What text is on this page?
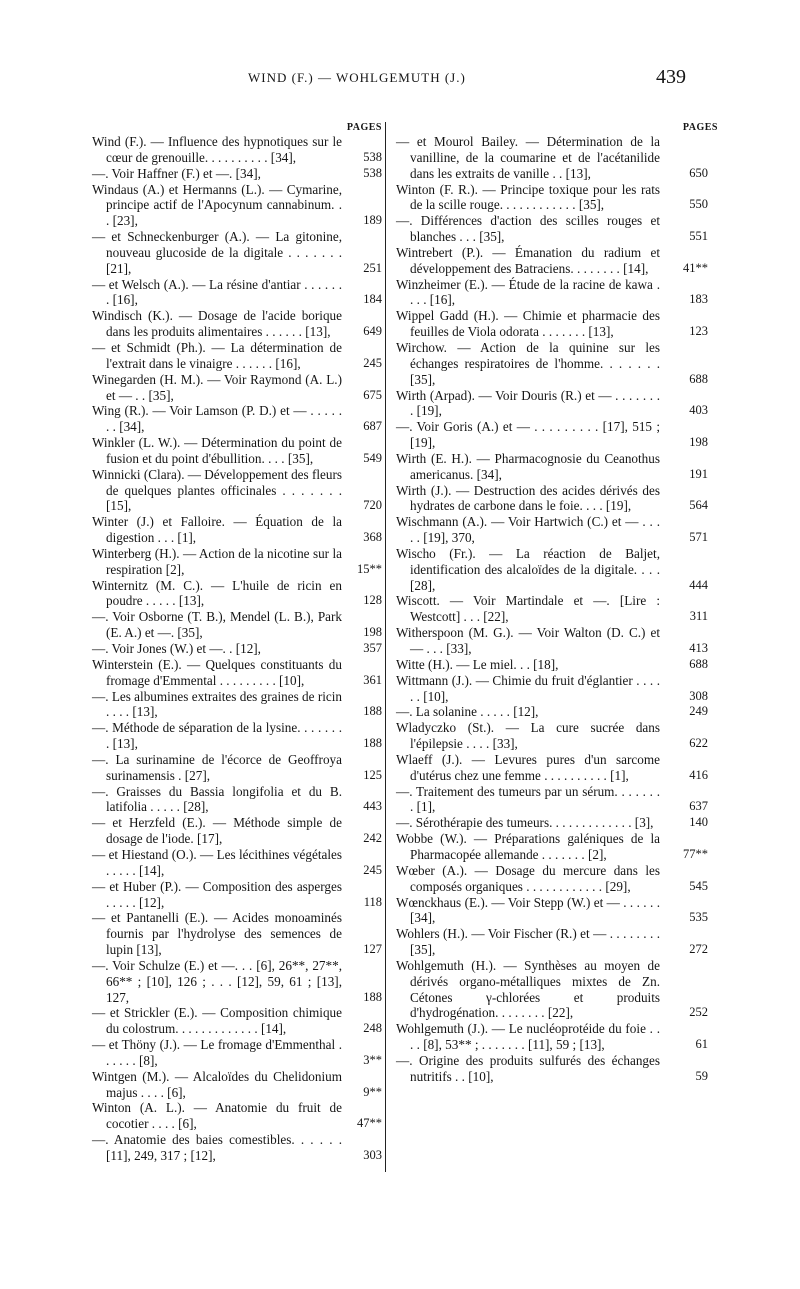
WIND (F.) — WOHLGEMUTH (J.)	439
PAGES
Wind (F.). — Influence des hypnotiques sur le cœur de grenouille. . . . . . . . . . [34],	538
—. Voir Haffner (F.) et —. [34],	538
Windaus (A.) et Hermanns (L.). — Cymarine, principe actif de l'Apocynum cannabinum. . . [23],	189
— et Schneckenburger (A.). — La gitonine, nouveau glucoside de la digitale . . . . . . . [21],	251
— et Welsch (A.). — La résine d'antiar . . . . . . . [16],	184
Windisch (K.). — Dosage de l'acide borique dans les produits alimentaires . . . . . . [13],	649
— et Schmidt (Ph.). — La détermination de l'extrait dans le vinaigre . . . . . . [16],	245
Winegarden (H. M.). — Voir Raymond (A. L.) et — . . [35],	675
Wing (R.). — Voir Lamson (P. D.) et — . . . . . . . [34],	687
Winkler (L. W.). — Détermination du point de fusion et du point d'ébullition. . . . [35],	549
Winnicki (Clara). — Développement des fleurs de quelques plantes officinales . . . . . . . [15],	720
Winter (J.) et Falloire. — Équation de la digestion . . . [1],	368
Winterberg (H.). — Action de la nicotine sur la respiration [2],	15**
Winternitz (M. C.). — L'huile de ricin en poudre . . . . . [13],	128
—. Voir Osborne (T. B.), Mendel (L. B.), Park (E. A.) et —. [35],	198
—. Voir Jones (W.) et —. . [12],	357
Winterstein (E.). — Quelques constituants du fromage d'Emmental . . . . . . . . . [10],	361
—. Les albumines extraites des graines de ricin . . . . [13],	188
—. Méthode de séparation de la lysine. . . . . . . . [13],	188
—. La surinamine de l'écorce de Geoffroya surinamensis . [27],	125
—. Graisses du Bassia longifolia et du B. latifolia . . . . . [28],	443
— et Herzfeld (E.). — Méthode simple de dosage de l'iode. [17],	242
— et Hiestand (O.). — Les lécithines végétales . . . . . [14],	245
— et Huber (P.). — Composition des asperges . . . . . [12],	118
— et Pantanelli (E.). — Acides monoaminés fournis par l'hydrolyse des semences de lupin [13],	127
—. Voir Schulze (E.) et —. . . [6], 26**, 27**, 66** ; [10], 126 ; . . . [12], 59, 61 ; [13], 127,	188
— et Strickler (E.). — Composition chimique du colostrum. . . . . . . . . . . . . [14],	248
— et Thöny (J.). — Le fromage d'Emmenthal . . . . . . [8],	3**
Wintgen (M.). — Alcaloïdes du Chelidonium majus . . . . [6],	9**
Winton (A. L.). — Anatomie du fruit de cocotier . . . . [6],	47**
—. Anatomie des baies comestibles. . . . . . [11], 249, 317 ; [12],	303
PAGES
— et Mourol Bailey. — Détermination de la vanilline, de la coumarine et de l'acétanilide dans les extraits de vanille . . [13],	650
Winton (F. R.). — Principe toxique pour les rats de la scille rouge. . . . . . . . . . . . [35],	550
—. Différences d'action des scilles rouges et blanches . . . [35],	551
Wintrebert (P.). — Émanation du radium et développement des Batraciens. . . . . . . . [14],	41**
Winzheimer (E.). — Étude de la racine de kawa . . . . [16],	183
Wippel Gadd (H.). — Chimie et pharmacie des feuilles de Viola odorata . . . . . . . [13],	123
Wirchow. — Action de la quinine sur les échanges respiratoires de l'homme. . . . . . . [35],	688
Wirth (Arpad). — Voir Douris (R.) et — . . . . . . . . [19],	403
—. Voir Goris (A.) et — . . . . . . . . . [17], 515 ; [19],	198
Wirth (E. H.). — Pharmacognosie du Ceanothus americanus. [34],	191
Wirth (J.). — Destruction des acides dérivés des hydrates de carbone dans le foie. . . . [19],	564
Wischmann (A.). — Voir Hartwich (C.) et — . . . . . [19], 370,	571
Wischo (Fr.). — La réaction de Baljet, identification des alcaloïdes de la digitale. . . . [28],	444
Wiscott. — Voir Martindale et —. [Lire : Westcott] . . . [22],	311
Witherspoon (M. G.). — Voir Walton (D. C.) et — . . . [33],	413
Witte (H.). — Le miel. . . [18],	688
Wittmann (J.). — Chimie du fruit d'églantier . . . . . . [10],	308
—. La solanine . . . . . [12],	249
Wladyczko (St.). — La cure sucrée dans l'épilepsie . . . . [33],	622
Wlaeff (J.). — Levures pures d'un sarcome d'utérus chez une femme . . . . . . . . . . [1],	416
—. Traitement des tumeurs par un sérum. . . . . . . . [1],	637
—. Sérothérapie des tumeurs. . . . . . . . . . . . . [3],	140
Wobbe (W.). — Préparations galéniques de la Pharmacopée allemande . . . . . . . [2],	77**
Wœber (A.). — Dosage du mercure dans les composés organiques . . . . . . . . . . . . [29],	545
Wœnckhaus (E.). — Voir Stepp (W.) et — . . . . . . [34],	535
Wohlers (H.). — Voir Fischer (R.) et — . . . . . . . . [35],	272
Wohlgemuth (H.). — Synthèses au moyen de dérivés organo-métalliques mixtes de Zn. Cétones γ-chlorées et produits d'hydrogénation. . . . . . . . [22],	252
Wohlgemuth (J.). — Le nucléoprotéide du foie . . . . [8], 53** ; . . . . . . . [11], 59 ; [13],	61
—. Origine des produits sulfurés des échanges nutritifs . . [10],	59
